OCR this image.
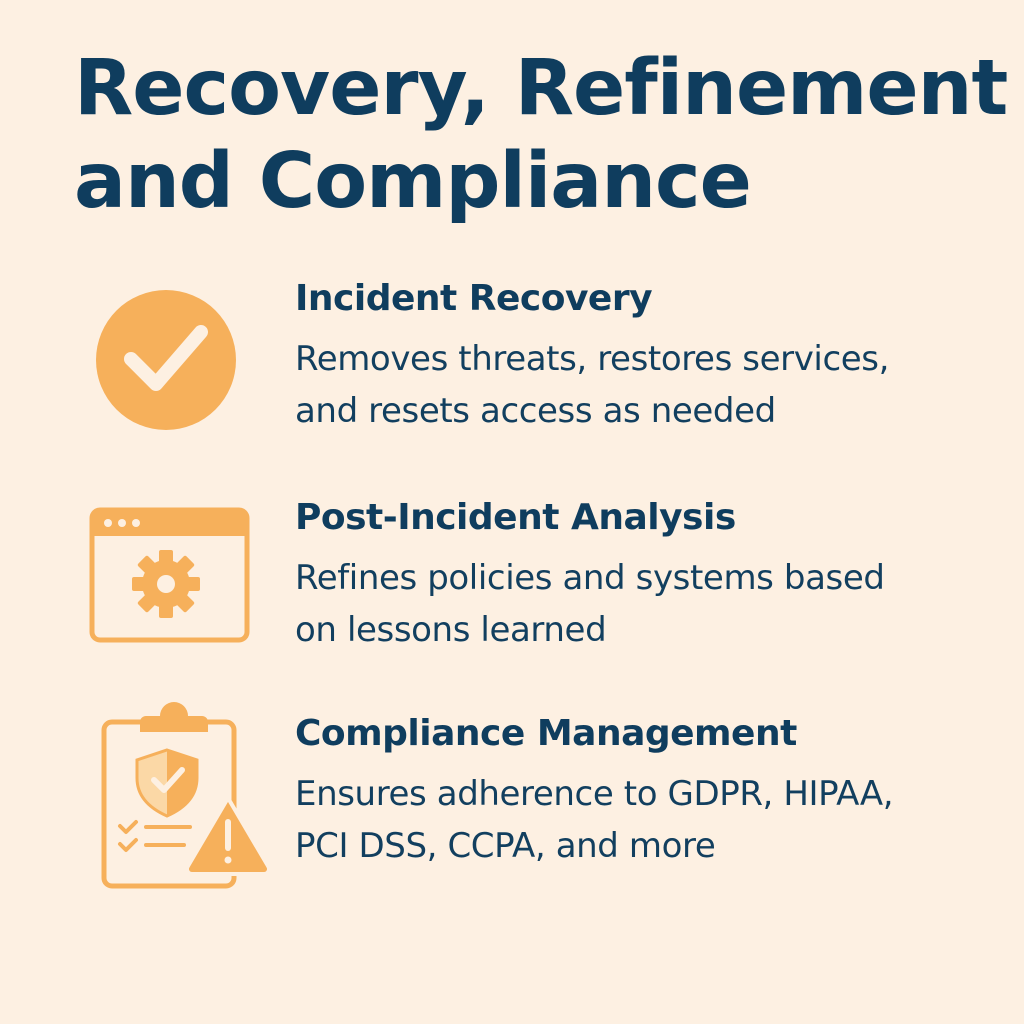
Recovery, Refinement
and Compliance
Incident Recovery

Removes threats, restores services,
and resets access as needed

Post-Incident Analysis

Refines policies and systems based
on lessons learned

Compliance Management

Ensures adherence to GDPR, HIPAA,
PCI DSS, CCPA, and more
